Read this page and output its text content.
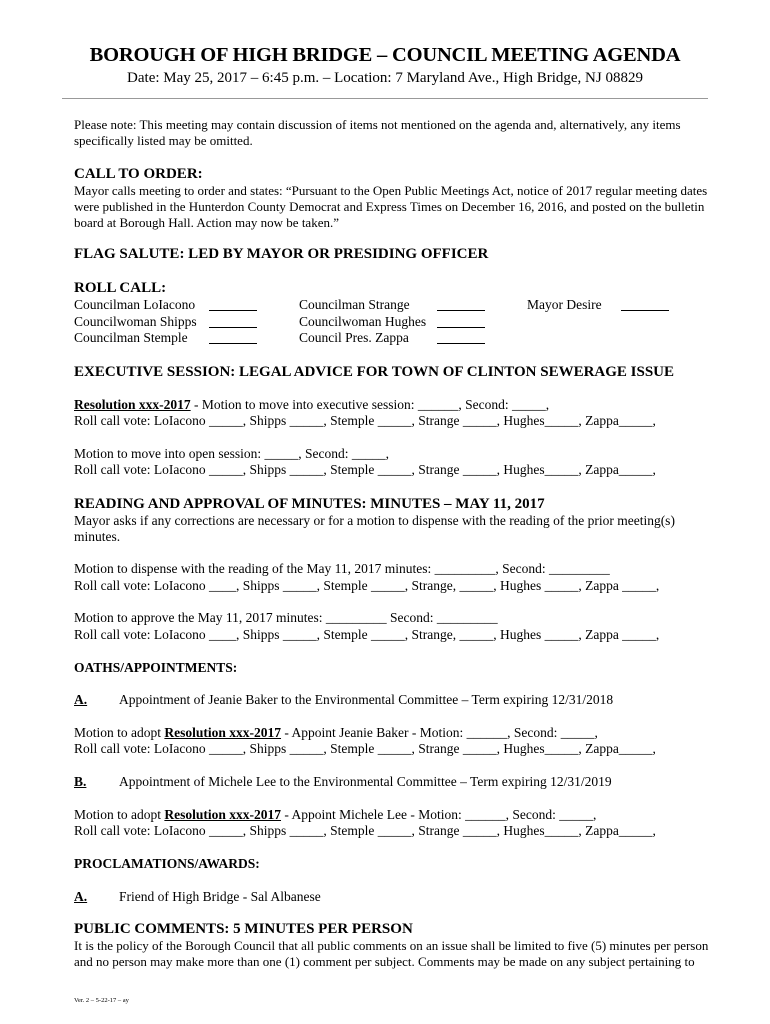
BOROUGH OF HIGH BRIDGE – COUNCIL MEETING AGENDA
Date: May 25, 2017 – 6:45 p.m. – Location: 7 Maryland Ave., High Bridge, NJ 08829
Please note: This meeting may contain discussion of items not mentioned on the agenda and, alternatively, any items
specifically listed may be omitted.
CALL TO ORDER:
Mayor calls meeting to order and states: “Pursuant to the Open Public Meetings Act, notice of 2017 regular meeting dates
were published in the Hunterdon County Democrat and Express Times on December 16, 2016, and posted on the bulletin
board at Borough Hall. Action may now be taken.”
FLAG SALUTE: LED BY MAYOR OR PRESIDING OFFICER
ROLL CALL:
Councilman LoIacono
Councilwoman Shipps
Councilman Stemple
Councilman Strange
Councilwoman Hughes
Council Pres. Zappa
Mayor Desire
EXECUTIVE SESSION: LEGAL ADVICE FOR TOWN OF CLINTON SEWERAGE ISSUE
Resolution xxx-2017 - Motion to move into executive session: ______, Second: _____,
Roll call vote: LoIacono _____, Shipps _____, Stemple _____, Strange _____, Hughes_____, Zappa_____,
Motion to move into open session: _____, Second: _____,
Roll call vote: LoIacono _____, Shipps _____, Stemple _____, Strange _____, Hughes_____, Zappa_____,
READING AND APPROVAL OF MINUTES: MINUTES – MAY 11, 2017
Mayor asks if any corrections are necessary or for a motion to dispense with the reading of the prior meeting(s)
minutes.
Motion to dispense with the reading of the May 11, 2017 minutes: _________, Second: _________
Roll call vote: LoIacono ____, Shipps _____, Stemple _____, Strange, _____, Hughes _____, Zappa _____,
Motion to approve the May 11, 2017 minutes: _________ Second: _________
Roll call vote: LoIacono ____, Shipps _____, Stemple _____, Strange, _____, Hughes _____, Zappa _____,
OATHS/APPOINTMENTS:
A. Appointment of Jeanie Baker to the Environmental Committee – Term expiring 12/31/2018
Motion to adopt Resolution xxx-2017 - Appoint Jeanie Baker - Motion: ______, Second: _____,
Roll call vote: LoIacono _____, Shipps _____, Stemple _____, Strange _____, Hughes_____, Zappa_____,
B. Appointment of Michele Lee to the Environmental Committee – Term expiring 12/31/2019
Motion to adopt Resolution xxx-2017 - Appoint Michele Lee - Motion: ______, Second: _____,
Roll call vote: LoIacono _____, Shipps _____, Stemple _____, Strange _____, Hughes_____, Zappa_____,
PROCLAMATIONS/AWARDS:
A. Friend of High Bridge - Sal Albanese
PUBLIC COMMENTS: 5 MINUTES PER PERSON
It is the policy of the Borough Council that all public comments on an issue shall be limited to five (5) minutes per person
and no person may make more than one (1) comment per subject. Comments may be made on any subject pertaining to
Ver. 2 – 5-22-17 – ay
